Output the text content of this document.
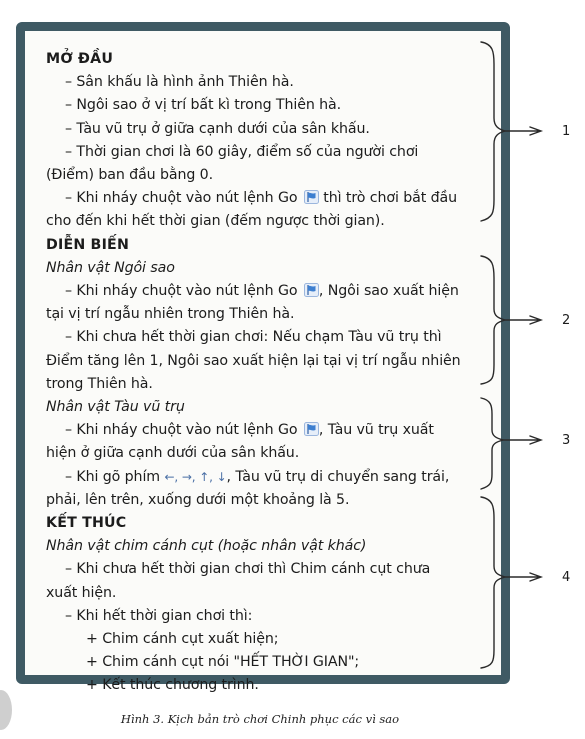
MỞ ĐẦU
– Sân khấu là hình ảnh Thiên hà.
– Ngôi sao ở vị trí bất kì trong Thiên hà.
– Tàu vũ trụ ở giữa cạnh dưới của sân khấu.
– Thời gian chơi là 60 giây, điểm số của người chơi
(Điểm) ban đầu bằng 0.
– Khi nháy chuột vào nút lệnh Go thì trò chơi bắt đầu
cho đến khi hết thời gian (đếm ngược thời gian).
DIỄN BIẾN
Nhân vật Ngôi sao
– Khi nháy chuột vào nút lệnh Go , Ngôi sao xuất hiện
tại vị trí ngẫu nhiên trong Thiên hà.
– Khi chưa hết thời gian chơi: Nếu chạm Tàu vũ trụ thì
Điểm tăng lên 1, Ngôi sao xuất hiện lại tại vị trí ngẫu nhiên
trong Thiên hà.
Nhân vật Tàu vũ trụ
– Khi nháy chuột vào nút lệnh Go , Tàu vũ trụ xuất
hiện ở giữa cạnh dưới của sân khấu.
– Khi gõ phím ←, →, ↑, ↓, Tàu vũ trụ di chuyển sang trái,
phải, lên trên, xuống dưới một khoảng là 5.
KẾT THÚC
Nhân vật chim cánh cụt (hoặc nhân vật khác)
– Khi chưa hết thời gian chơi thì Chim cánh cụt chưa
xuất hiện.
– Khi hết thời gian chơi thì:
+ Chim cánh cụt xuất hiện;
+ Chim cánh cụt nói "HẾT THỜI GIAN";
+ Kết thúc chương trình.
1
2
3
4
Hình 3. Kịch bản trò chơi Chinh phục các vì sao
